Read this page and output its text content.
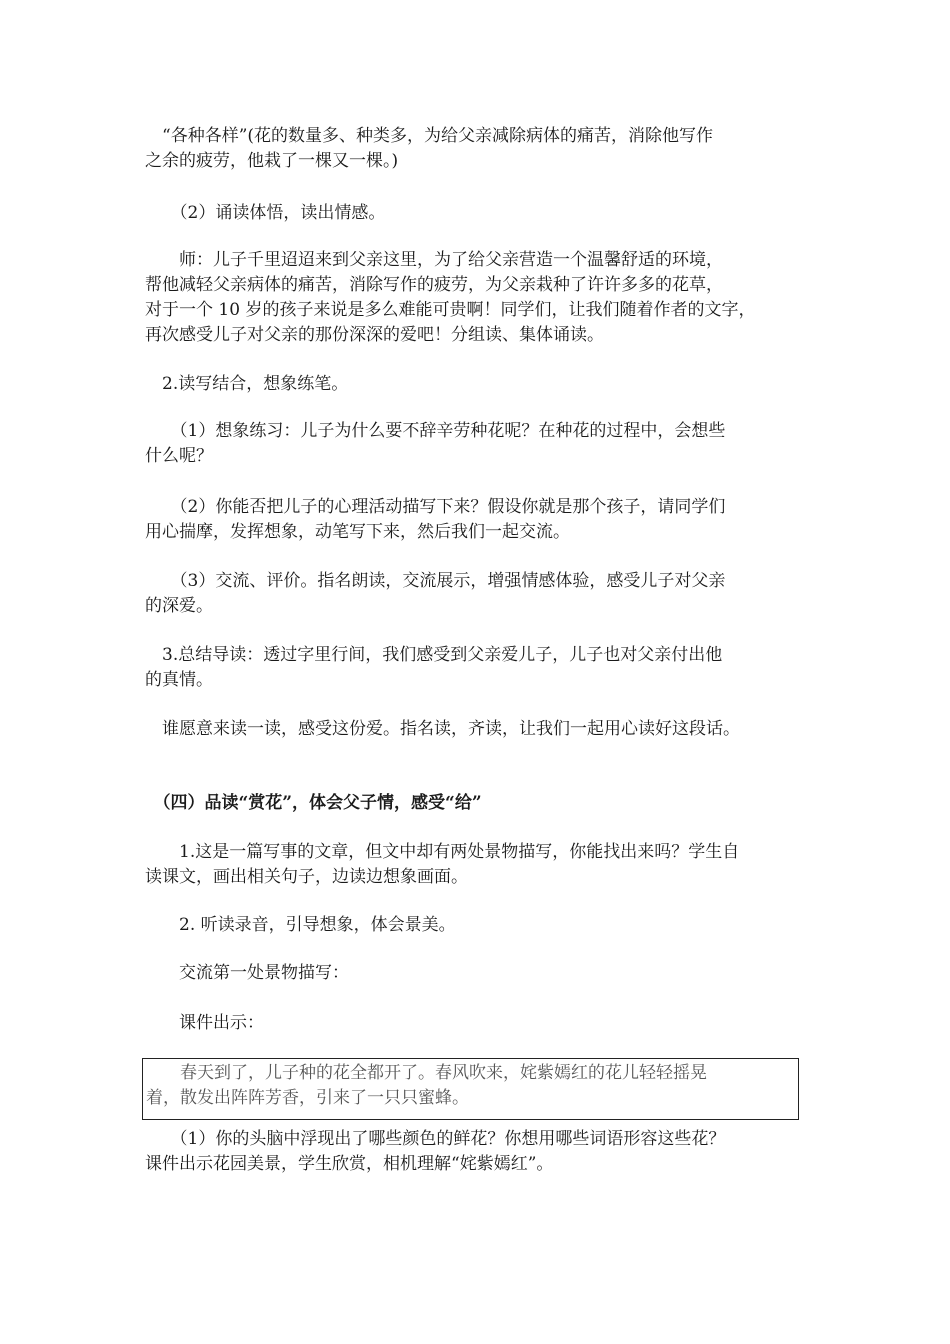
　“各种各样”(花的数量多、种类多，为给父亲减除病体的痛苦，消除他写作
之余的疲劳，他栽了一棵又一棵。)

　　（2）诵读体悟，读出情感。

　　师：儿子千里迢迢来到父亲这里，为了给父亲营造一个温馨舒适的环境，
帮他减轻父亲病体的痛苦，消除写作的疲劳，为父亲栽种了许许多多的花草，
对于一个 10 岁的孩子来说是多么难能可贵啊！同学们，让我们随着作者的文字，
再次感受儿子对父亲的那份深深的爱吧！分组读、集体诵读。

　2.读写结合，想象练笔。

　　（1）想象练习：儿子为什么要不辞辛劳种花呢？在种花的过程中，会想些
什么呢？

　　（2）你能否把儿子的心理活动描写下来？假设你就是那个孩子，请同学们
用心揣摩，发挥想象，动笔写下来，然后我们一起交流。

　　（3）交流、评价。指名朗读，交流展示，增强情感体验，感受儿子对父亲
的深爱。

　3.总结导读：透过字里行间，我们感受到父亲爱儿子，儿子也对父亲付出他
的真情。

　谁愿意来读一读，感受这份爱。指名读，齐读，让我们一起用心读好这段话。

　（四）品读“赏花”，体会父子情，感受“给”

　　1.这是一篇写事的文章，但文中却有两处景物描写，你能找出来吗？学生自
读课文，画出相关句子，边读边想象画面。

　　2. 听读录音，引导想象，体会景美。

　　交流第一处景物描写：

　　课件出示：

　　春天到了，儿子种的花全都开了。春风吹来，姹紫嫣红的花儿轻轻摇晃
着，散发出阵阵芳香，引来了一只只蜜蜂。

　　（1）你的头脑中浮现出了哪些颜色的鲜花？你想用哪些词语形容这些花？
课件出示花园美景，学生欣赏，相机理解“姹紫嫣红”。
